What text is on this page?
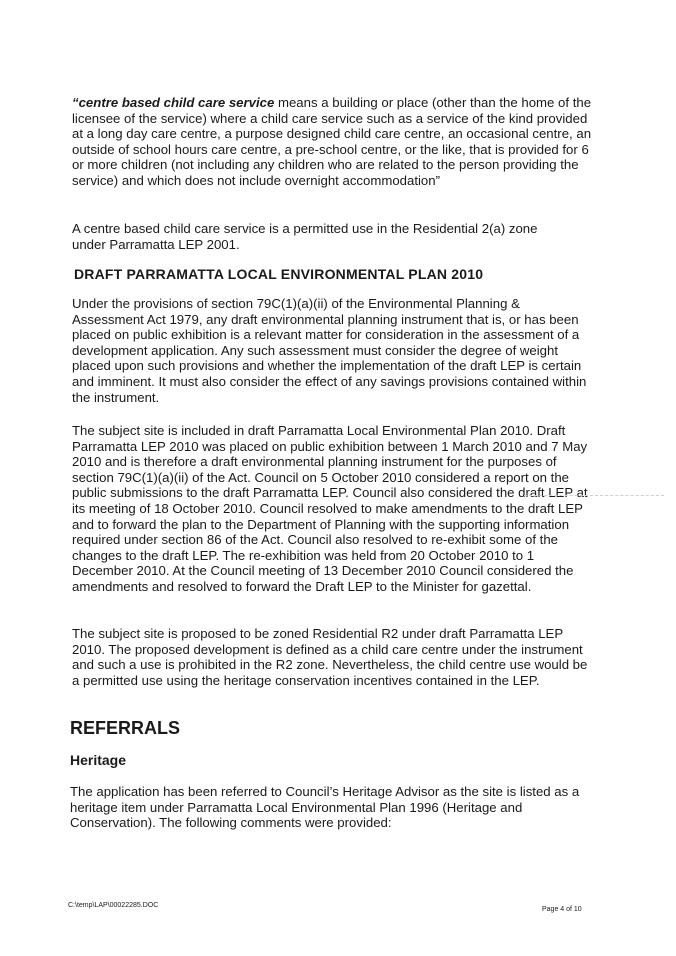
“centre based child care service means a building or place (other than the home of the licensee of the service) where a child care service such as a service of the kind provided at a long day care centre, a purpose designed child care centre, an occasional centre, an outside of school hours care centre, a pre-school centre, or the like, that is provided for 6 or more children (not including any children who are related to the person providing the service) and which does not include overnight accommodation”
A centre based child care service is a permitted use in the Residential 2(a) zone under Parramatta LEP 2001.
DRAFT PARRAMATTA LOCAL ENVIRONMENTAL PLAN 2010
Under the provisions of section 79C(1)(a)(ii) of the Environmental Planning & Assessment Act 1979, any draft environmental planning instrument that is, or has been placed on public exhibition is a relevant matter for consideration in the assessment of a development application. Any such assessment must consider the degree of weight placed upon such provisions and whether the implementation of the draft LEP is certain and imminent. It must also consider the effect of any savings provisions contained within the instrument.
The subject site is included in draft Parramatta Local Environmental Plan 2010. Draft Parramatta LEP 2010 was placed on public exhibition between 1 March 2010 and 7 May 2010 and is therefore a draft environmental planning instrument for the purposes of section 79C(1)(a)(ii) of the Act. Council on 5 October 2010 considered a report on the public submissions to the draft Parramatta LEP. Council also considered the draft LEP at its meeting of 18 October 2010. Council resolved to make amendments to the draft LEP and to forward the plan to the Department of Planning with the supporting information required under section 86 of the Act. Council also resolved to re-exhibit some of the changes to the draft LEP. The re-exhibition was held from 20 October 2010 to 1 December 2010. At the Council meeting of 13 December 2010 Council considered the amendments and resolved to forward the Draft LEP to the Minister for gazettal.
The subject site is proposed to be zoned Residential R2 under draft Parramatta LEP 2010. The proposed development is defined as a child care centre under the instrument and such a use is prohibited in the R2 zone. Nevertheless, the child centre use would be a permitted use using the heritage conservation incentives contained in the LEP.
REFERRALS
Heritage
The application has been referred to Council’s Heritage Advisor as the site is listed as a heritage item under Parramatta Local Environmental Plan 1996 (Heritage and Conservation). The following comments were provided:
C:\temp\LAP\00022285.DOC
Page 4 of 10
